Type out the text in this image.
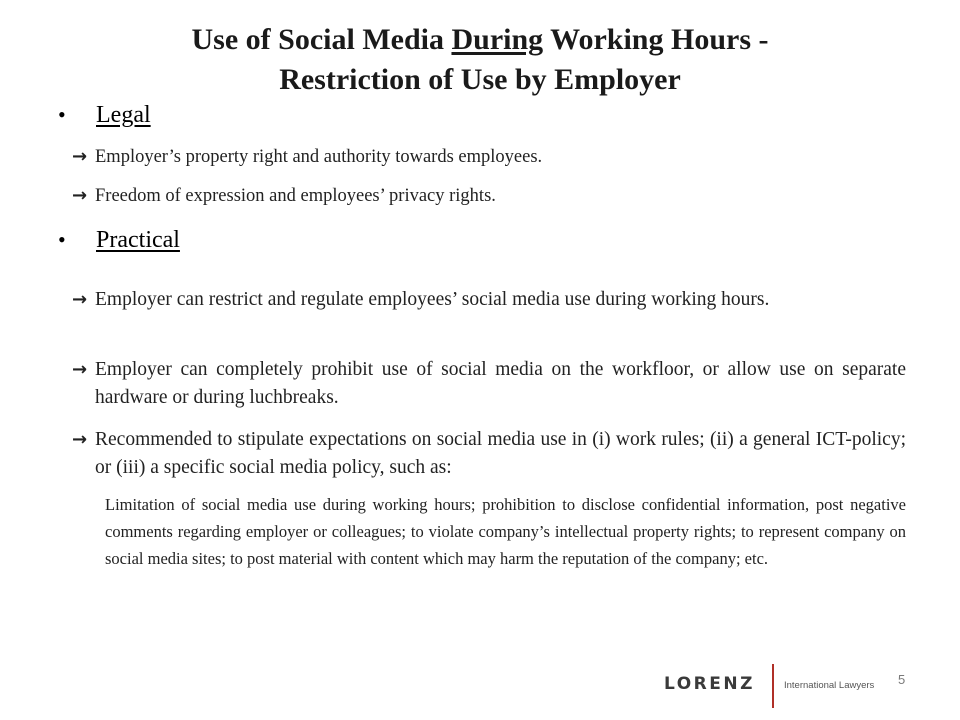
Use of Social Media During Working Hours -
Restriction of Use by Employer
• Legal
→ Employer’s property right and authority towards employees.
→ Freedom of expression and employees’ privacy rights.
• Practical
→ Employer can restrict and regulate employees’ social media use during working hours.
→ Employer can completely prohibit use of social media on the workfloor, or allow use on separate hardware or during luchbreaks.
→ Recommended to stipulate expectations on social media use in (i) work rules; (ii) a general ICT-policy; or (iii) a specific social media policy, such as:
Limitation of social media use during working hours; prohibition to disclose confidential information, post negative comments regarding employer or colleagues; to violate company’s intellectual property rights; to represent company on social media sites; to post material with content which may harm the reputation of the company; etc.
LORENZ	International Lawyers 5
